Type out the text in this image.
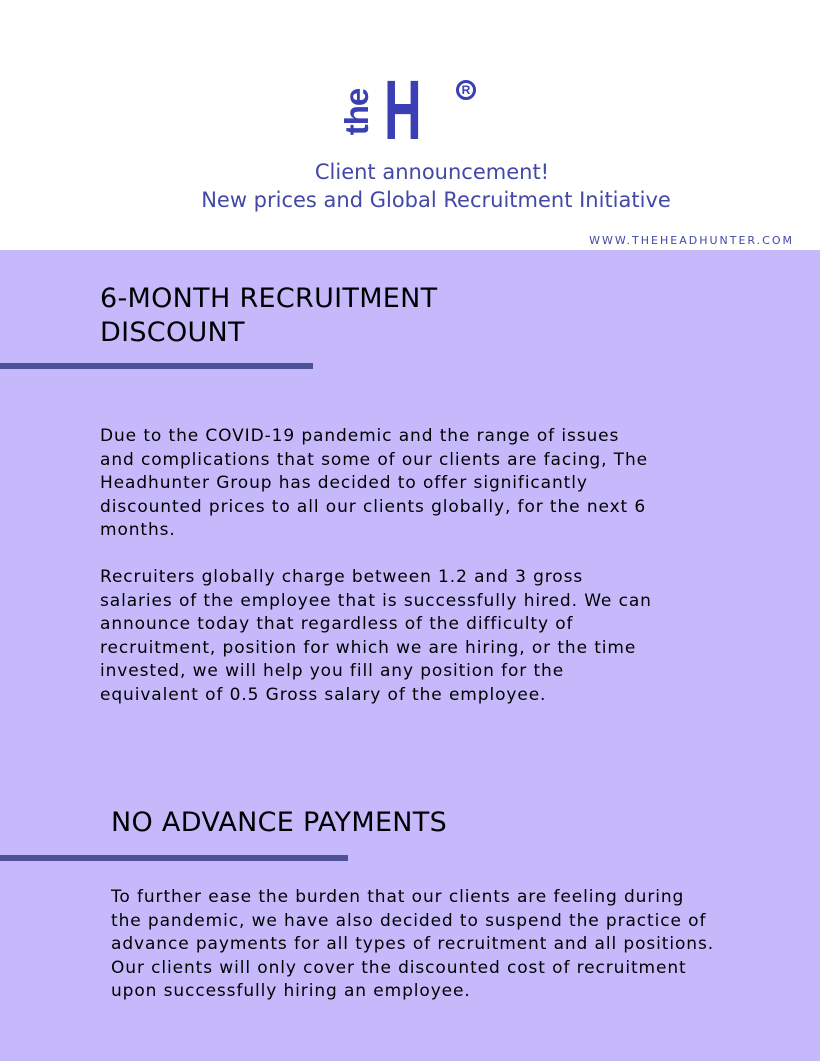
the H	R
Client announcement!
New prices and Global Recruitment Initiative
WWW.THEHEADHUNTER.COM
6-MONTH RECRUITMENT DISCOUNT

Due to the COVID-19 pandemic and the range of issues and complications that some of our clients are facing, The Headhunter Group has decided to offer significantly discounted prices to all our clients globally, for the next 6 months.

Recruiters globally charge between 1.2 and 3 gross salaries of the employee that is successfully hired. We can announce today that regardless of the difficulty of recruitment, position for which we are hiring, or the time invested, we will help you fill any position for the equivalent of 0.5 Gross salary of the employee.

NO ADVANCE PAYMENTS

To further ease the burden that our clients are feeling during the pandemic, we have also decided to suspend the practice of advance payments for all types of recruitment and all positions. Our clients will only cover the discounted cost of recruitment upon successfully hiring an employee.
